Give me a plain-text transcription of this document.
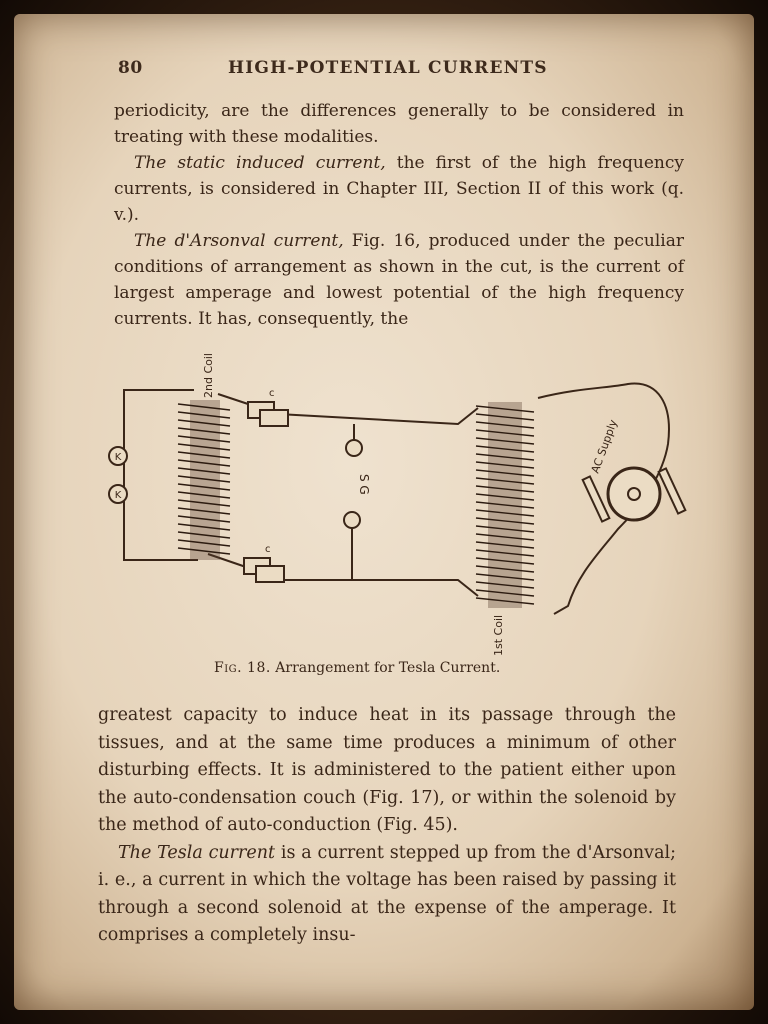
80	HIGH-POTENTIAL CURRENTS

periodicity, are the differences generally to be considered in treating with these modalities.

The static induced current, the first of the high frequency currents, is considered in Chapter III, Section II of this work (q. v.).

The d'Arsonval current, Fig. 16, produced under the peculiar conditions of arrangement as shown in the cut, is the current of largest amperage and lowest potential of the high frequency currents. It has, consequently, the

K
K
2nd Coil	c
c
S G
1st Coil
AC Supply
Fig. 18. Arrangement for Tesla Current.

greatest capacity to induce heat in its passage through the tissues, and at the same time produces a minimum of other disturbing effects. It is administered to the patient either upon the auto-condensation couch (Fig. 17), or within the solenoid by the method of auto-conduction (Fig. 45).

The Tesla current is a current stepped up from the d'Arsonval; i. e., a current in which the voltage has been raised by passing it through a second solenoid at the expense of the amperage. It comprises a completely insu-
